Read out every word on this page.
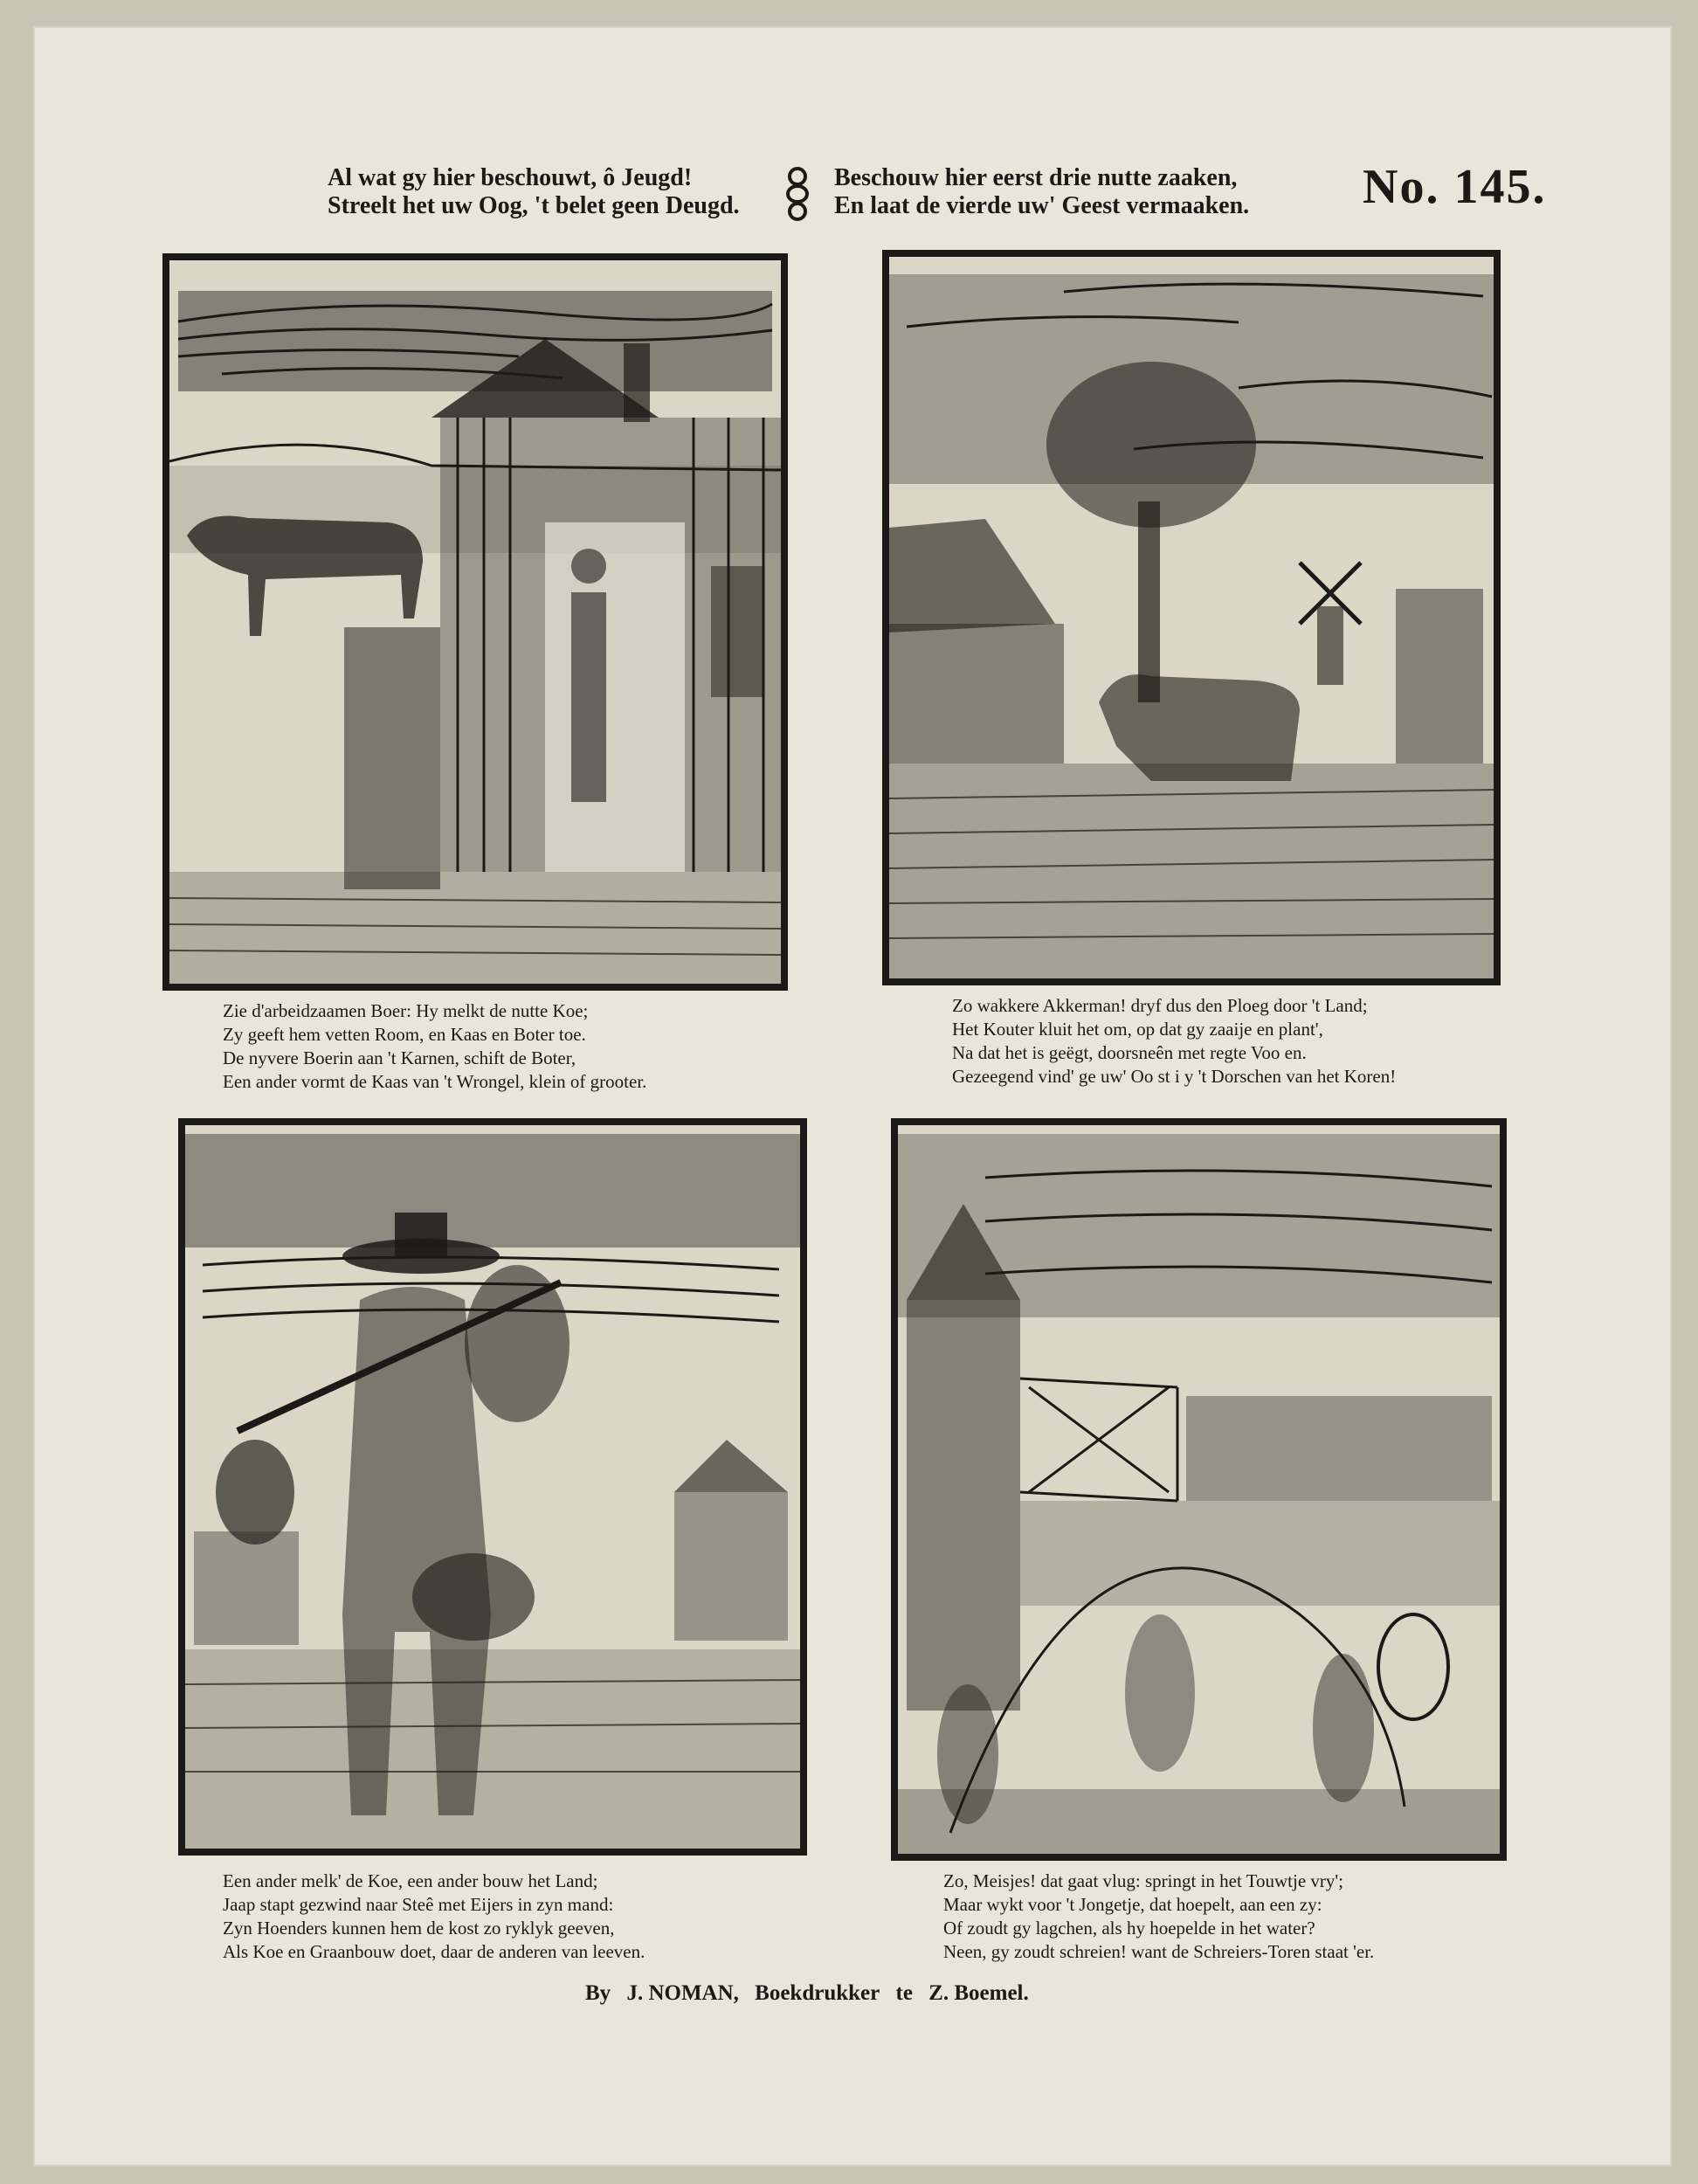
Al wat gy hier beschouwt, ô Jeugd!
Streelt het uw Oog, 't belet geen Deugd.
Beschouw hier eerst drie nutte zaaken,
En laat de vierde uw' Geest vermaaken. No. 145.
Zie d'arbeidzaamen Boer: Hy melkt de nutte Koe;
Zy geeft hem vetten Room, en Kaas en Boter toe.
De nyvere Boerin aan 't Karnen, schift de Boter,
Een ander vormt de Kaas van 't Wrongel, klein of grooter.
Zo wakkere Akkerman! dryf dus den Ploeg door 't Land;
Het Kouter kluit het om, op dat gy zaaije en plant',
Na dat het is geëgt, doorsneên met regte Voo en.
Gezeegend vind' ge uw' Oo st i y 't Dorschen van het Koren!
Een ander melk' de Koe, een ander bouw het Land;
Jaap stapt gezwind naar Steê met Eijers in zyn mand:
Zyn Hoenders kunnen hem de kost zo ryklyk geeven,
Als Koe en Graanbouw doet, daar de anderen van leeven.
Zo, Meisjes! dat gaat vlug: springt in het Touwtje vry';
Maar wykt voor 't Jongetje, dat hoepelt, aan een zy:
Of zoudt gy lagchen, als hy hoepelde in het water?
Neen, gy zoudt schreien! want de Schreiers-Toren staat 'er.
By J. NOMAN, Boekdrukker te Z. Boemel.
